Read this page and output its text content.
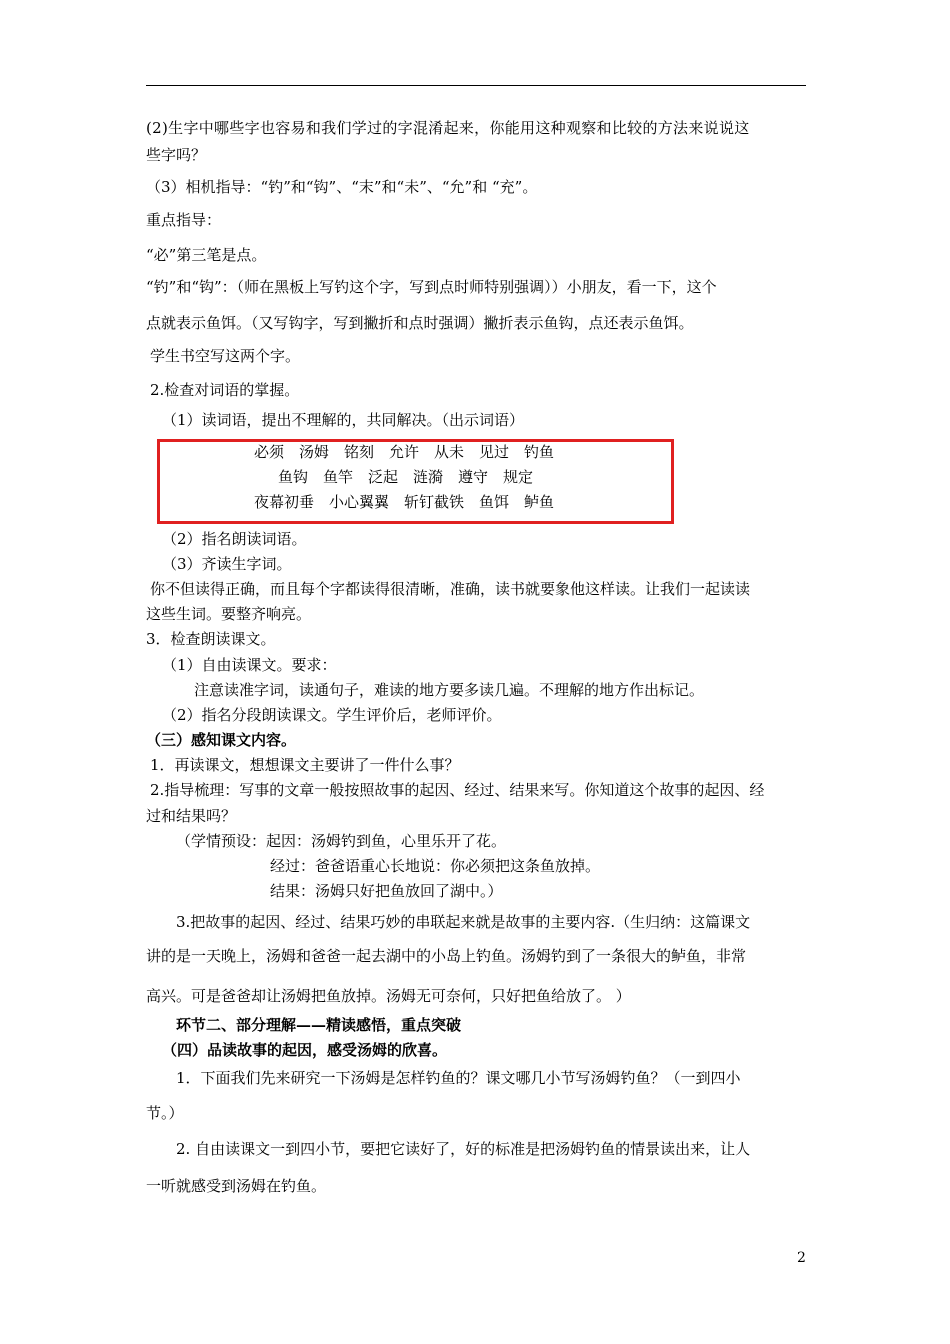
(2)生字中哪些字也容易和我们学过的字混淆起来，你能用这种观察和比较的方法来说说这
些字吗？
（3）相机指导：“钓”和“钩”、“末”和“未”、“允”和 “充”。
重点指导：
“必”第三笔是点。
“钓”和“钩”：（师在黑板上写钓这个字，写到点时师特别强调））小朋友，看一下，这个
点就表示鱼饵。（又写钩字，写到撇折和点时强调）撇折表示鱼钩，点还表示鱼饵。
学生书空写这两个字。
2.检查对词语的掌握。
（1）读词语，提出不理解的，共同解决。（出示词语）
必须　汤姆　铭刻　允许　从未　见过　钓鱼
鱼钩　鱼竿　泛起　涟漪　遵守　规定
夜幕初垂　小心翼翼　斩钉截铁　鱼饵　鲈鱼
（2）指名朗读词语。
（3）齐读生字词。
你不但读得正确，而且每个字都读得很清晰，准确，读书就要象他这样读。让我们一起读读
这些生词。要整齐响亮。
3．检查朗读课文。
（1）自由读课文。要求：
注意读准字词，读通句子，难读的地方要多读几遍。不理解的地方作出标记。
（2）指名分段朗读课文。学生评价后，老师评价。
（三）感知课文内容。
1．再读课文，想想课文主要讲了一件什么事？
2.指导梳理：写事的文章一般按照故事的起因、经过、结果来写。你知道这个故事的起因、经
过和结果吗？
（学情预设：起因：汤姆钓到鱼，心里乐开了花。
经过：爸爸语重心长地说：你必须把这条鱼放掉。
结果：汤姆只好把鱼放回了湖中。）
3.把故事的起因、经过、结果巧妙的串联起来就是故事的主要内容.（生归纳：这篇课文
讲的是一天晚上，汤姆和爸爸一起去湖中的小岛上钓鱼。汤姆钓到了一条很大的鲈鱼，非常
高兴。可是爸爸却让汤姆把鱼放掉。汤姆无可奈何，只好把鱼给放了。 ）
环节二、部分理解——精读感悟，重点突破
（四）品读故事的起因，感受汤姆的欣喜。
1．下面我们先来研究一下汤姆是怎样钓鱼的？课文哪几小节写汤姆钓鱼？（一到四小
节。）
2. 自由读课文一到四小节，要把它读好了，好的标准是把汤姆钓鱼的情景读出来，让人
一听就感受到汤姆在钓鱼。
2
